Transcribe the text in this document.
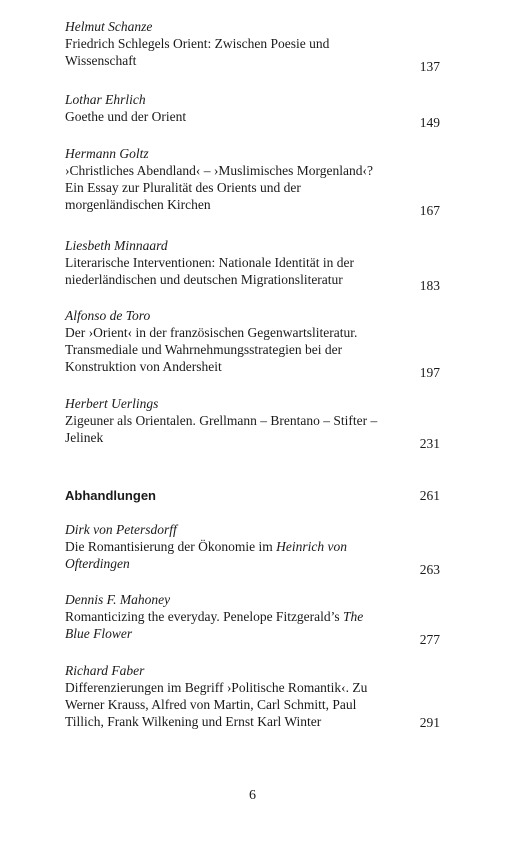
Helmut Schanze
Friedrich Schlegels Orient: Zwischen Poesie und Wissenschaft	137
Lothar Ehrlich
Goethe und der Orient	149
Hermann Goltz
›Christliches Abendland‹ – ›Muslimisches Morgenland‹? Ein Essay zur Pluralität des Orients und der morgenländischen Kirchen	167
Liesbeth Minnaard
Literarische Interventionen: Nationale Identität in der niederländischen und deutschen Migrationsliteratur	183
Alfonso de Toro
Der ›Orient‹ in der französischen Gegenwartsliteratur. Transmediale und Wahrnehmungsstrategien bei der Konstruktion von Andersheit	197
Herbert Uerlings
Zigeuner als Orientalen. Grellmann – Brentano – Stifter – Jelinek	231
Abhandlungen	261
Dirk von Petersdorff
Die Romantisierung der Ökonomie im Heinrich von Ofterdingen	263
Dennis F. Mahoney
Romanticizing the everyday. Penelope Fitzgerald’s The Blue Flower	277
Richard Faber
Differenzierungen im Begriff ›Politische Romantik‹. Zu Werner Krauss, Alfred von Martin, Carl Schmitt, Paul Tillich, Frank Wilkening und Ernst Karl Winter	291
6
